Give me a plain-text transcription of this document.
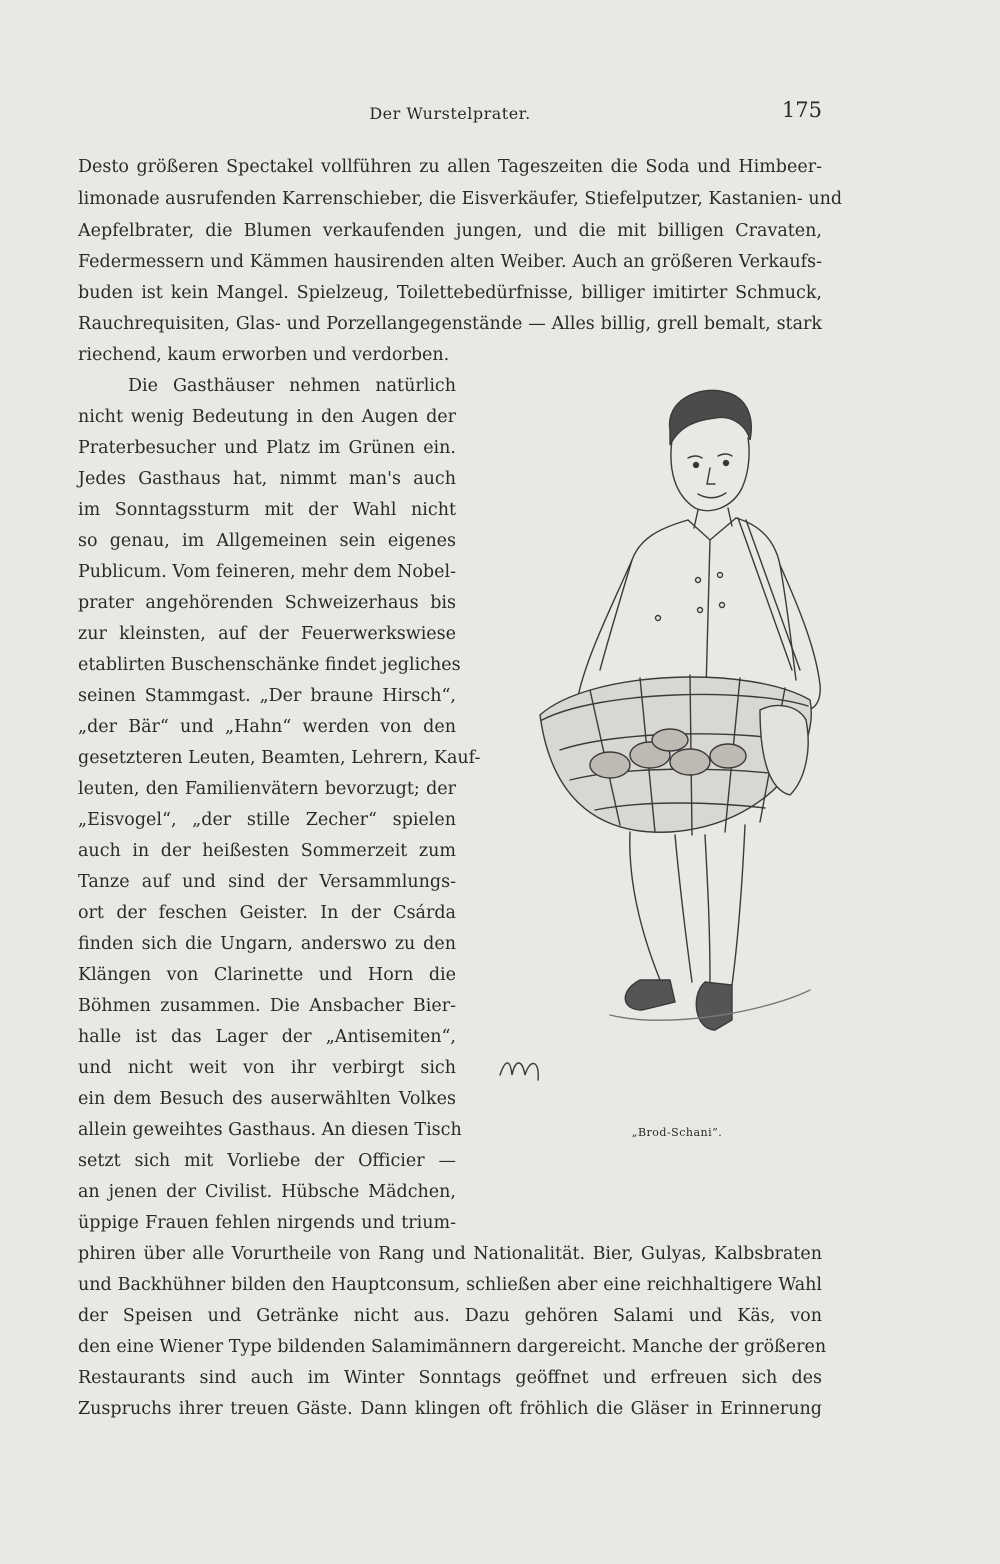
Der Wurstelprater.	175
Desto größeren Spectakel vollführen zu allen Tageszeiten die Soda und Himbeer-
limonade ausrufenden Karrenschieber, die Eisverkäufer, Stiefelputzer, Kastanien- und
Aepfelbrater, die Blumen verkaufenden jungen, und die mit billigen Cravaten,
Federmessern und Kämmen hausirenden alten Weiber. Auch an größeren Verkaufs-
buden ist kein Mangel. Spielzeug, Toilettebedürfnisse, billiger imitirter Schmuck,
Rauchrequisiten, Glas- und Porzellangegenstände — Alles billig, grell bemalt, stark
riechend, kaum erworben und verdorben.
Die Gasthäuser nehmen natürlich
nicht wenig Bedeutung in den Augen der
Praterbesucher und Platz im Grünen ein.
Jedes Gasthaus hat, nimmt man's auch
im Sonntagssturm mit der Wahl nicht
so genau, im Allgemeinen sein eigenes
Publicum. Vom feineren, mehr dem Nobel-
prater angehörenden Schweizerhaus bis
zur kleinsten, auf der Feuerwerkswiese
etablirten Buschenschänke findet jegliches
seinen Stammgast. „Der braune Hirsch“,
„der Bär“ und „Hahn“ werden von den
gesetzteren Leuten, Beamten, Lehrern, Kauf-
leuten, den Familienvätern bevorzugt; der
„Eisvogel“, „der stille Zecher“ spielen
auch in der heißesten Sommerzeit zum
Tanze auf und sind der Versammlungs-
ort der feschen Geister. In der Csárda
finden sich die Ungarn, anderswo zu den
Klängen von Clarinette und Horn die
Böhmen zusammen. Die Ansbacher Bier-
halle ist das Lager der „Antisemiten“,
und nicht weit von ihr verbirgt sich
ein dem Besuch des auserwählten Volkes
allein geweihtes Gasthaus. An diesen Tisch
setzt sich mit Vorliebe der Officier —
an jenen der Civilist. Hübsche Mädchen,
üppige Frauen fehlen nirgends und trium-
phiren über alle Vorurtheile von Rang und Nationalität. Bier, Gulyas, Kalbsbraten
und Backhühner bilden den Hauptconsum, schließen aber eine reichhaltigere Wahl
der Speisen und Getränke nicht aus. Dazu gehören Salami und Käs, von
den eine Wiener Type bildenden Salamimännern dargereicht. Manche der größeren
Restaurants sind auch im Winter Sonntags geöffnet und erfreuen sich des
Zuspruchs ihrer treuen Gäste. Dann klingen oft fröhlich die Gläser in Erinnerung
„Brod-Schani“.
